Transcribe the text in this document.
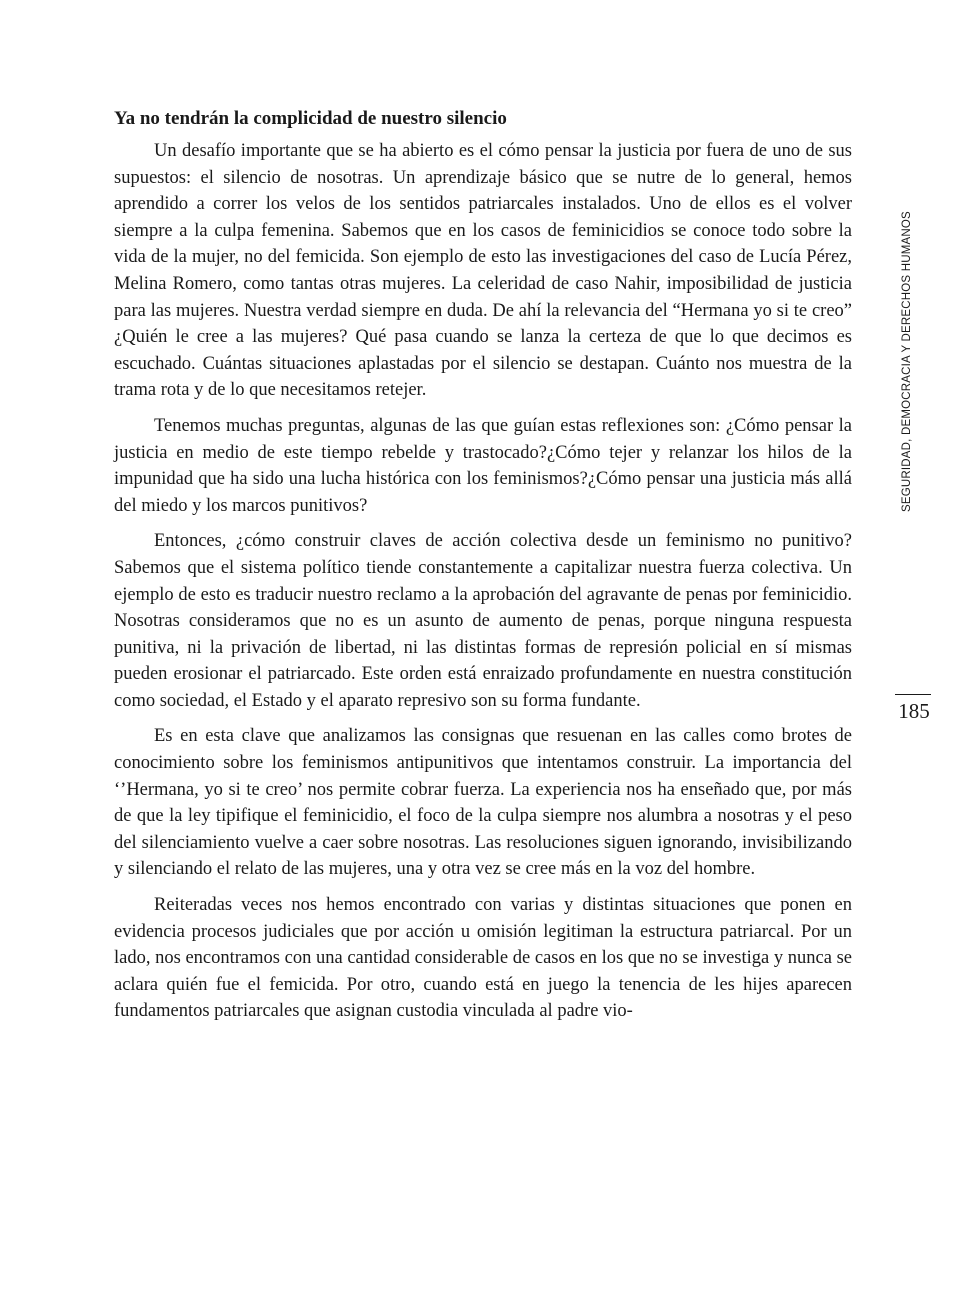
Ya no tendrán la complicidad de nuestro silencio

Un desafío importante que se ha abierto es el cómo pensar la justicia por fuera de uno de sus supuestos: el silencio de nosotras. Un aprendizaje básico que se nutre de lo general, hemos aprendido a correr los velos de los sentidos patriarcales instalados. Uno de ellos es el volver siempre a la culpa femenina. Sabemos que en los casos de feminicidios se conoce todo sobre la vida de la mujer, no del femicida. Son ejemplo de esto las investigaciones del caso de Lucía Pérez, Melina Romero, como tantas otras mujeres. La celeridad de caso Nahir, imposibilidad de justicia para las mujeres. Nuestra verdad siempre en duda. De ahí la relevancia del “Hermana yo si te creo” ¿Quién le cree a las mujeres? Qué pasa cuando se lanza la certeza de que lo que decimos es escuchado. Cuántas situaciones aplastadas por el silencio se destapan. Cuánto nos muestra de la trama rota y de lo que necesitamos retejer.

Tenemos muchas preguntas, algunas de las que guían estas reflexiones son: ¿Cómo pensar la justicia en medio de este tiempo rebelde y trastocado?¿Cómo tejer y relanzar los hilos de la impunidad que ha sido una lucha histórica con los feminismos?¿Cómo pensar una justicia más allá del miedo y los marcos punitivos?

Entonces, ¿cómo construir claves de acción colectiva desde un feminismo no punitivo? Sabemos que el sistema político tiende constantemente a capitalizar nuestra fuerza colectiva. Un ejemplo de esto es traducir nuestro reclamo a la aprobación del agravante de penas por feminicidio. Nosotras consideramos que no es un asunto de aumento de penas, porque ninguna respuesta punitiva, ni la privación de libertad, ni las distintas formas de represión policial en sí mismas pueden erosionar el patriarcado. Este orden está enraizado profundamente en nuestra constitución como sociedad, el Estado y el aparato represivo son su forma fundante.

Es en esta clave que analizamos las consignas que resuenan en las calles como brotes de conocimiento sobre los feminismos antipunitivos que intentamos construir. La importancia del ‘’Hermana, yo si te creo’ nos permite cobrar fuerza. La experiencia nos ha enseñado que, por más de que la ley tipifique el feminicidio, el foco de la culpa siempre nos alumbra a nosotras y el peso del silenciamiento vuelve a caer sobre nosotras. Las resoluciones siguen ignorando, invisibilizando y silenciando el relato de las mujeres, una y otra vez se cree más en la voz del hombre.

Reiteradas veces nos hemos encontrado con varias y distintas situaciones que ponen en evidencia procesos judiciales que por acción u omisión legitiman la estructura patriarcal. Por un lado, nos encontramos con una cantidad considerable de casos en los que no se investiga y nunca se aclara quién fue el femicida. Por otro, cuando está en juego la tenencia de les hijes aparecen fundamentos patriarcales que asignan custodia vinculada al padre vio-

SEGURIDAD, DEMOCRACIA Y DERECHOS HUMANOS
185
